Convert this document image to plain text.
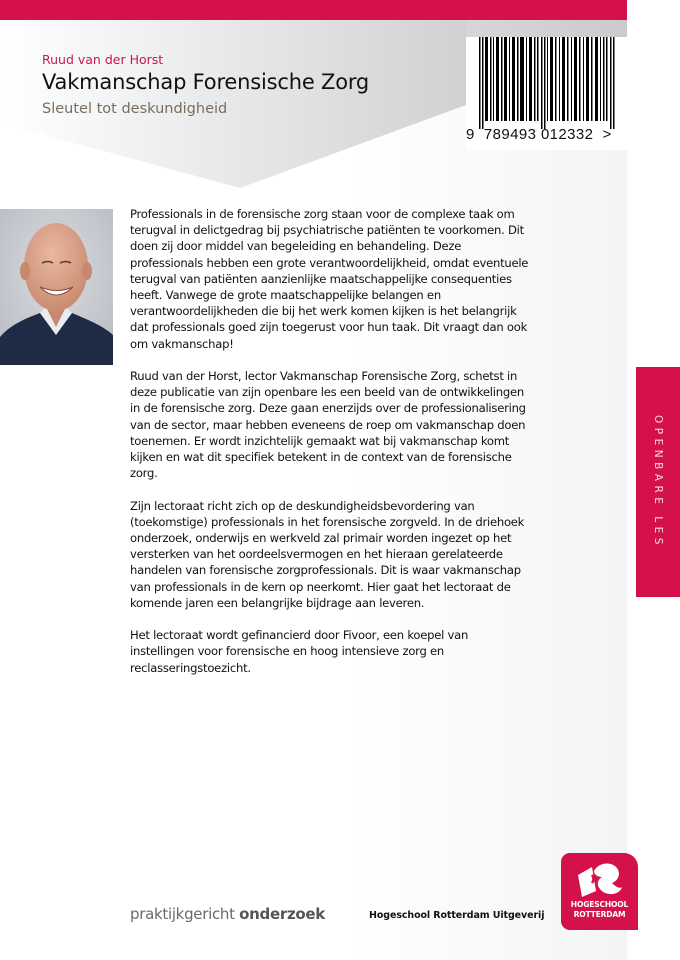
Ruud van der Horst
Vakmanschap Forensische Zorg
Sleutel tot deskundigheid
9 789493 012332 >

Professionals in de forensische zorg staan voor de complexe taak om terugval in delictgedrag bij psychiatrische patiënten te voorkomen. Dit doen zij door middel van begeleiding en behandeling. Deze professionals hebben een grote verantwoordelijkheid, omdat eventuele terugval van patiënten aanzienlijke maatschappelijke consequenties heeft. Vanwege de grote maatschappelijke belangen en verantwoordelijkheden die bij het werk komen kijken is het belangrijk dat professionals goed zijn toegerust voor hun taak. Dit vraagt dan ook om vakmanschap!

Ruud van der Horst, lector Vakmanschap Forensische Zorg, schetst in deze publicatie van zijn openbare les een beeld van de ontwikkelingen in de forensische zorg. Deze gaan enerzijds over de professionalisering van de sector, maar hebben eveneens de roep om vakmanschap doen toenemen. Er wordt inzichtelijk gemaakt wat bij vakmanschap komt kijken en wat dit specifiek betekent in de context van de forensische zorg.

Zijn lectoraat richt zich op de deskundigheidsbevordering van (toekomstige) professionals in het forensische zorgveld. In de driehoek onderzoek, onderwijs en werkveld zal primair worden ingezet op het versterken van het oordeelsvermogen en het hieraan gerelateerde handelen van forensische zorgprofessionals. Dit is waar vakmanschap van professionals in de kern op neerkomt. Hier gaat het lectoraat de komende jaren een belangrijke bijdrage aan leveren.

Het lectoraat wordt gefinancierd door Fivoor, een koepel van instellingen voor forensische en hoog intensieve zorg en reclasseringstoezicht.

OPENBARE LES
praktijkgericht onderzoek	Hogeschool Rotterdam Uitgeverij
HOGESCHOOL
ROTTERDAM
